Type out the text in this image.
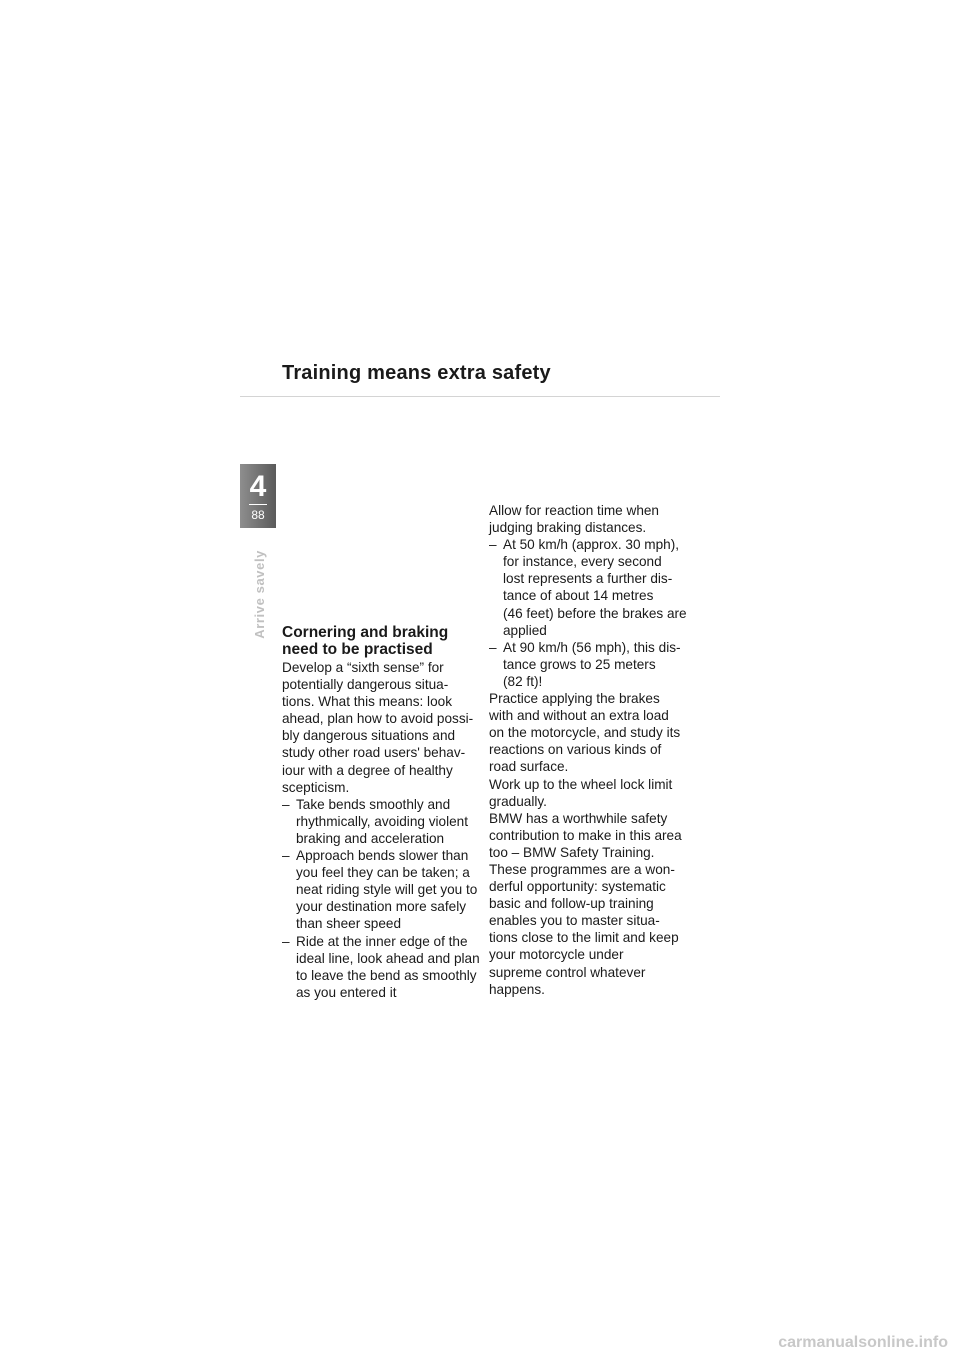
Training means extra safety
4
88
Arrive savely Cornering and braking
need to be practised
Develop a “sixth sense” for
potentially dangerous situa-
tions. What this means: look
ahead, plan how to avoid possi-
bly dangerous situations and
study other road users' behav-
iour with a degree of healthy
scepticism.

– Take bends smoothly and
rhythmically, avoiding violent
braking and acceleration
– Approach bends slower than
you feel they can be taken; a
neat riding style will get you to
your destination more safely
than sheer speed
– Ride at the inner edge of the
ideal line, look ahead and plan
to leave the bend as smoothly
as you entered it
Allow for reaction time when
judging braking distances.

– At 50 km/h (approx. 30 mph),
for instance, every second
lost represents a further dis-
tance of about 14 metres
(46 feet) before the brakes are
applied
– At 90 km/h (56 mph), this dis-
tance grows to 25 meters
(82 ft)!
Practice applying the brakes
with and without an extra load
on the motorcycle, and study its
reactions on various kinds of
road surface.
Work up to the wheel lock limit
gradually.
BMW has a worthwhile safety
contribution to make in this area
too – BMW Safety Training.
These programmes are a won-
derful opportunity: systematic
basic and follow-up training
enables you to master situa-
tions close to the limit and keep
your motorcycle under
supreme control whatever
happens.

carmanualsonline.info
